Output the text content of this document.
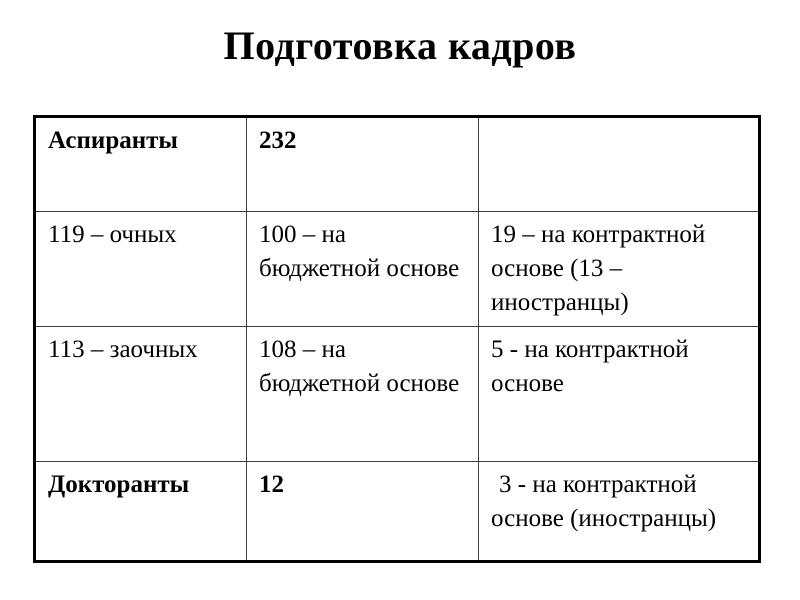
Подготовка кадров
Аспиранты	232	
119 – очных	100 – на бюджетной основе	19 – на контрактной основе (13 – иностранцы)
113 – заочных	108 – на бюджетной основе	5 - на контрактной основе
Докторанты	12	3 - на контрактной основе (иностранцы)
